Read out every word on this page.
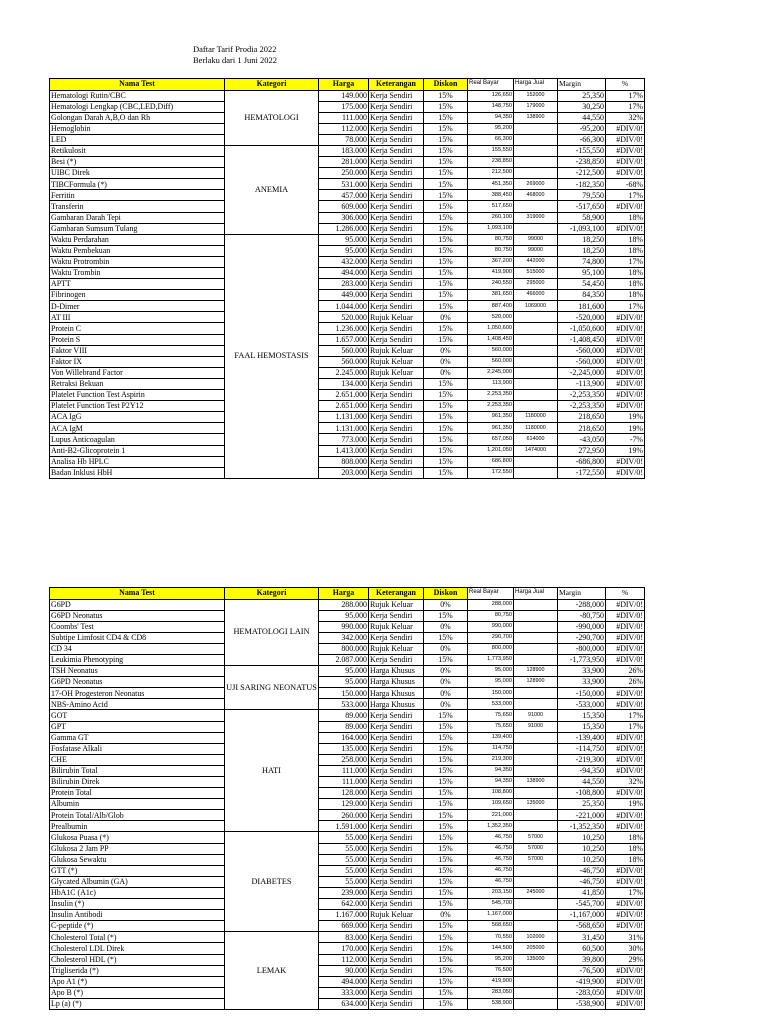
Daftar Tarif Prodia 2022
Berlaku dari 1 Juni 2022
Nama Test	Kategori	Harga	Keterangan	Diskon	Real Bayar	Harga Jual	Margin	%
Hematologi Rutin/CBC	HEMATOLOGI	149.000	Kerja Sendiri	15%	126,650	152000	25,350	17%
Hematologi Lengkap (CBC,LED,Diff)		175.000	Kerja Sendiri	15%	148,750	179000	30,250	17%
Golongan Darah A,B,O dan Rh		111.000	Kerja Sendiri	15%	94,350	138900	44,550	32%
Hemoglobin		112.000	Kerja Sendiri	15%	95,200		-95,200	#DIV/0!
LED		78.000	Kerja Sendiri	15%	66,300		-66,300	#DIV/0!
Retikulosit	ANEMIA	183.000	Kerja Sendiri	15%	155,550		-155,550	#DIV/0!
Besi (*)		281.000	Kerja Sendiri	15%	238,850		-238,850	#DIV/0!
UIBC Direk		250.000	Kerja Sendiri	15%	212,500		-212,500	#DIV/0!
TIBCFormula (*)		531.000	Kerja Sendiri	15%	451,350	269000	-182,350	-68%
Ferritin		457.000	Kerja Sendiri	15%	388,450	468000	79,550	17%
Transferin		609.000	Kerja Sendiri	15%	517,650		-517,650	#DIV/0!
Gambaran Darah Tepi		306.000	Kerja Sendiri	15%	260,100	319000	58,900	18%
Gambaran Sumsum Tulang		1.286.000	Kerja Sendiri	15%	1,093,100		-1,093,100	#DIV/0!
Waktu Perdarahan	FAAL HEMOSTASIS	95.000	Kerja Sendiri	15%	80,750	99000	18,250	18%
Waktu Pembekuan		95.000	Kerja Sendiri	15%	80,750	99000	18,250	18%
Waktu Protrombin		432.000	Kerja Sendiri	15%	367,200	442000	74,800	17%
Waktu Trombin		494.000	Kerja Sendiri	15%	419,900	515000	95,100	18%
APTT		283.000	Kerja Sendiri	15%	240,550	295000	54,450	18%
Fibrinogen		449.000	Kerja Sendiri	15%	381,650	466000	84,350	18%
D-Dimer		1.044.000	Kerja Sendiri	15%	887,400	1069000	181,600	17%
AT III		520.000	Rujuk Keluar	0%	520,000		-520,000	#DIV/0!
Protein C		1.236.000	Kerja Sendiri	15%	1,050,600		-1,050,600	#DIV/0!
Protein S		1.657.000	Kerja Sendiri	15%	1,408,450		-1,408,450	#DIV/0!
Faktor VIII		560.000	Rujuk Keluar	0%	560,000		-560,000	#DIV/0!
Faktor IX		560.000	Rujuk Keluar	0%	560,000		-560,000	#DIV/0!
Von Willebrand Factor		2.245.000	Rujuk Keluar	0%	2,245,000		-2,245,000	#DIV/0!
Retraksi Bekuan		134.000	Kerja Sendiri	15%	113,900		-113,900	#DIV/0!
Platelet Function Test Aspirin		2.651.000	Kerja Sendiri	15%	2,253,350		-2,253,350	#DIV/0!
Platelet Function Test P2Y12		2.651.000	Kerja Sendiri	15%	2,253,350		-2,253,350	#DIV/0!
ACA IgG		1.131.000	Kerja Sendiri	15%	961,350	1180000	218,650	19%
ACA IgM		1.131.000	Kerja Sendiri	15%	961,350	1180000	218,650	19%
Lupus Anticoagulan		773.000	Kerja Sendiri	15%	657,050	614000	-43,050	-7%
Anti-B2-Glicoprotein 1		1.413.000	Kerja Sendiri	15%	1,201,050	1474000	272,950	19%
Analisa Hb HPLC		808.000	Kerja Sendiri	15%	686,800		-686,800	#DIV/0!
Badan Inklusi HbH		203.000	Kerja Sendiri	15%	172,550		-172,550	#DIV/0!
Nama Test	Kategori	Harga	Keterangan	Diskon	Real Bayar	Harga Jual	Margin	%
G6PD	HEMATOLOGI LAIN	288.000	Rujuk Keluar	0%	288,000		-288,000	#DIV/0!
G6PD Neonatus		95.000	Kerja Sendiri	15%	80,750		-80,750	#DIV/0!
Coombs' Test		990.000	Rujuk Keluar	0%	990,000		-990,000	#DIV/0!
Subtipe Limfosit CD4 & CD8		342.000	Kerja Sendiri	15%	290,700		-290,700	#DIV/0!
CD 34		800.000	Rujuk Keluar	0%	800,000		-800,000	#DIV/0!
Leukimia Phenotyping		2.087.000	Kerja Sendiri	15%	1,773,950		-1,773,950	#DIV/0!
TSH Neonatus	UJI SARING NEONATUS	95.000	Harga Khusus	0%	95,000	128900	33,900	26%
G6PD Neonatus		95.000	Harga Khusus	0%	95,000	128900	33,900	26%
17-OH Progesteron Neonatus		150.000	Harga Khusus	0%	150,000		-150,000	#DIV/0!
NBS-Amino Acid		533.000	Harga Khusus	0%	533,000		-533,000	#DIV/0!
GOT	HATI	89.000	Kerja Sendiri	15%	75,650	91000	15,350	17%
GPT		89.000	Kerja Sendiri	15%	75,650	91000	15,350	17%
Gamma GT		164.000	Kerja Sendiri	15%	139,400		-139,400	#DIV/0!
Fosfatase Alkali		135.000	Kerja Sendiri	15%	114,750		-114,750	#DIV/0!
CHE		258.000	Kerja Sendiri	15%	219,300		-219,300	#DIV/0!
Bilirubin Total		111.000	Kerja Sendiri	15%	94,350		-94,350	#DIV/0!
Bilirubin Direk		111.000	Kerja Sendiri	15%	94,350	138900	44,550	32%
Protein Total		128.000	Kerja Sendiri	15%	108,800		-108,800	#DIV/0!
Albumin		129.000	Kerja Sendiri	15%	109,650	135000	25,350	19%
Protein Total/Alb/Glob		260.000	Kerja Sendiri	15%	221,000		-221,000	#DIV/0!
Prealbumin		1.591.000	Kerja Sendiri	15%	1,352,350		-1,352,350	#DIV/0!
Glukosa Puasa (*)	DIABETES	55.000	Kerja Sendiri	15%	46,750	57000	10,250	18%
Glukosa 2 Jam PP		55.000	Kerja Sendiri	15%	46,750	57000	10,250	18%
Glukosa Sewaktu		55.000	Kerja Sendiri	15%	46,750	57000	10,250	18%
GTT (*)		55.000	Kerja Sendiri	15%	46,750		-46,750	#DIV/0!
Glycated Albumin (GA)		55.000	Kerja Sendiri	15%	46,750		-46,750	#DIV/0!
HbA1C (A1c)		239.000	Kerja Sendiri	15%	203,150	245000	41,850	17%
Insulin (*)		642.000	Kerja Sendiri	15%	545,700		-545,700	#DIV/0!
Insulin Antibodi		1.167.000	Rujuk Keluar	0%	1,167,000		-1,167,000	#DIV/0!
C-peptide (*)		669.000	Kerja Sendiri	15%	568,650		-568,650	#DIV/0!
Cholesterol Total (*)	LEMAK	83.000	Kerja Sendiri	15%	70,550	102000	31,450	31%
Cholesterol LDL Direk		170.000	Kerja Sendiri	15%	144,500	205000	60,500	30%
Cholesterol HDL (*)		112.000	Kerja Sendiri	15%	95,200	135000	39,800	29%
Trigliserida (*)		90.000	Kerja Sendiri	15%	76,500		-76,500	#DIV/0!
Apo A1 (*)		494.000	Kerja Sendiri	15%	419,900		-419,900	#DIV/0!
Apo B (*)		333.000	Kerja Sendiri	15%	283,050		-283,050	#DIV/0!
Lp (a) (*)		634.000	Kerja Sendiri	15%	538,900		-538,900	#DIV/0!
